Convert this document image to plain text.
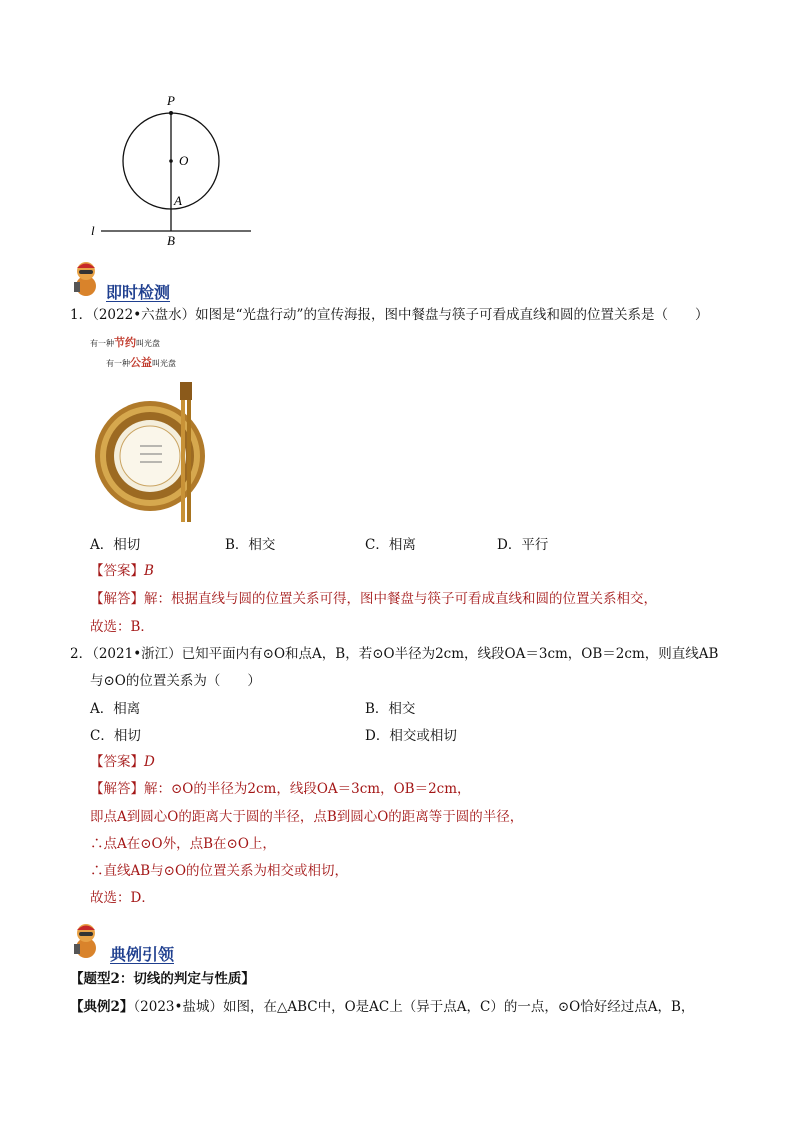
P
O
A
B
l
即时检测
1．（2022•六盘水）如图是“光盘行动”的宣传海报，图中餐盘与筷子可看成直线和圆的位置关系是（　　）
有一种节约叫光盘
有一种公益叫光盘
A．相切	B．相交	C．相离	D．平行
【答案】B
【解答】解：根据直线与圆的位置关系可得，图中餐盘与筷子可看成直线和圆的位置关系相交，
故选：B．
2．（2021•浙江）已知平面内有⊙O和点A，B，若⊙O半径为2cm，线段OA＝3cm，OB＝2cm，则直线AB
与⊙O的位置关系为（　　）
A．相离	B．相交
C．相切	D．相交或相切
【答案】D
【解答】解：⊙O的半径为2cm，线段OA＝3cm，OB＝2cm，
即点A到圆心O的距离大于圆的半径，点B到圆心O的距离等于圆的半径，
∴点A在⊙O外，点B在⊙O上，
∴直线AB与⊙O的位置关系为相交或相切，
故选：D．
典例引领
【题型2：切线的判定与性质】
【典例2】（2023•盐城）如图，在△ABC中，O是AC上（异于点A，C）的一点，⊙O恰好经过点A，B，
